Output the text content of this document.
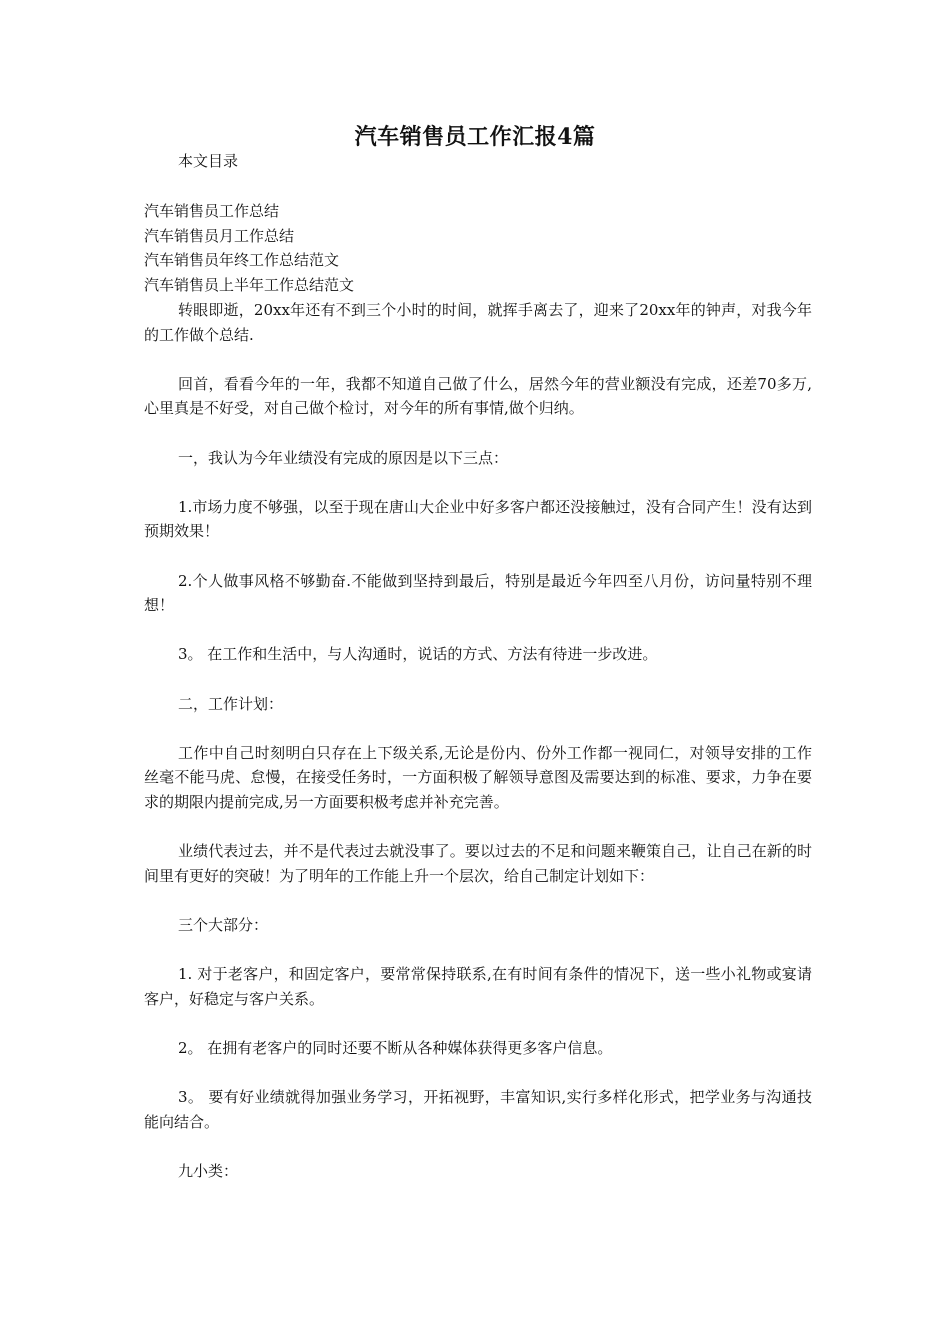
汽车销售员工作汇报4篇
本文目录
汽车销售员工作总结
汽车销售员月工作总结
汽车销售员年终工作总结范文
汽车销售员上半年工作总结范文

转眼即逝，20xx年还有不到三个小时的时间，就挥手离去了，迎来了20xx年的钟声，对我今年的工作做个总结.

回首，看看今年的一年，我都不知道自己做了什么，居然今年的营业额没有完成，还差70多万,心里真是不好受，对自己做个检讨，对今年的所有事情,做个归纳。

一，我认为今年业绩没有完成的原因是以下三点：

1.市场力度不够强，以至于现在唐山大企业中好多客户都还没接触过，没有合同产生！没有达到预期效果！

2.个人做事风格不够勤奋.不能做到坚持到最后，特别是最近今年四至八月份，访问量特别不理想！

3。 在工作和生活中，与人沟通时，说话的方式、方法有待进一步改进。

二，工作计划：

工作中自己时刻明白只存在上下级关系,无论是份内、份外工作都一视同仁，对领导安排的工作丝毫不能马虎、怠慢，在接受任务时，一方面积极了解领导意图及需要达到的标准、要求，力争在要求的期限内提前完成,另一方面要积极考虑并补充完善。

业绩代表过去，并不是代表过去就没事了。要以过去的不足和问题来鞭策自己，让自己在新的时间里有更好的突破！为了明年的工作能上升一个层次，给自己制定计划如下：

三个大部分：

1. 对于老客户，和固定客户，要常常保持联系,在有时间有条件的情况下，送一些小礼物或宴请客户，好稳定与客户关系。

2。 在拥有老客户的同时还要不断从各种媒体获得更多客户信息。

3。 要有好业绩就得加强业务学习，开拓视野，丰富知识,实行多样化形式，把学业务与沟通技能向结合。

九小类：
